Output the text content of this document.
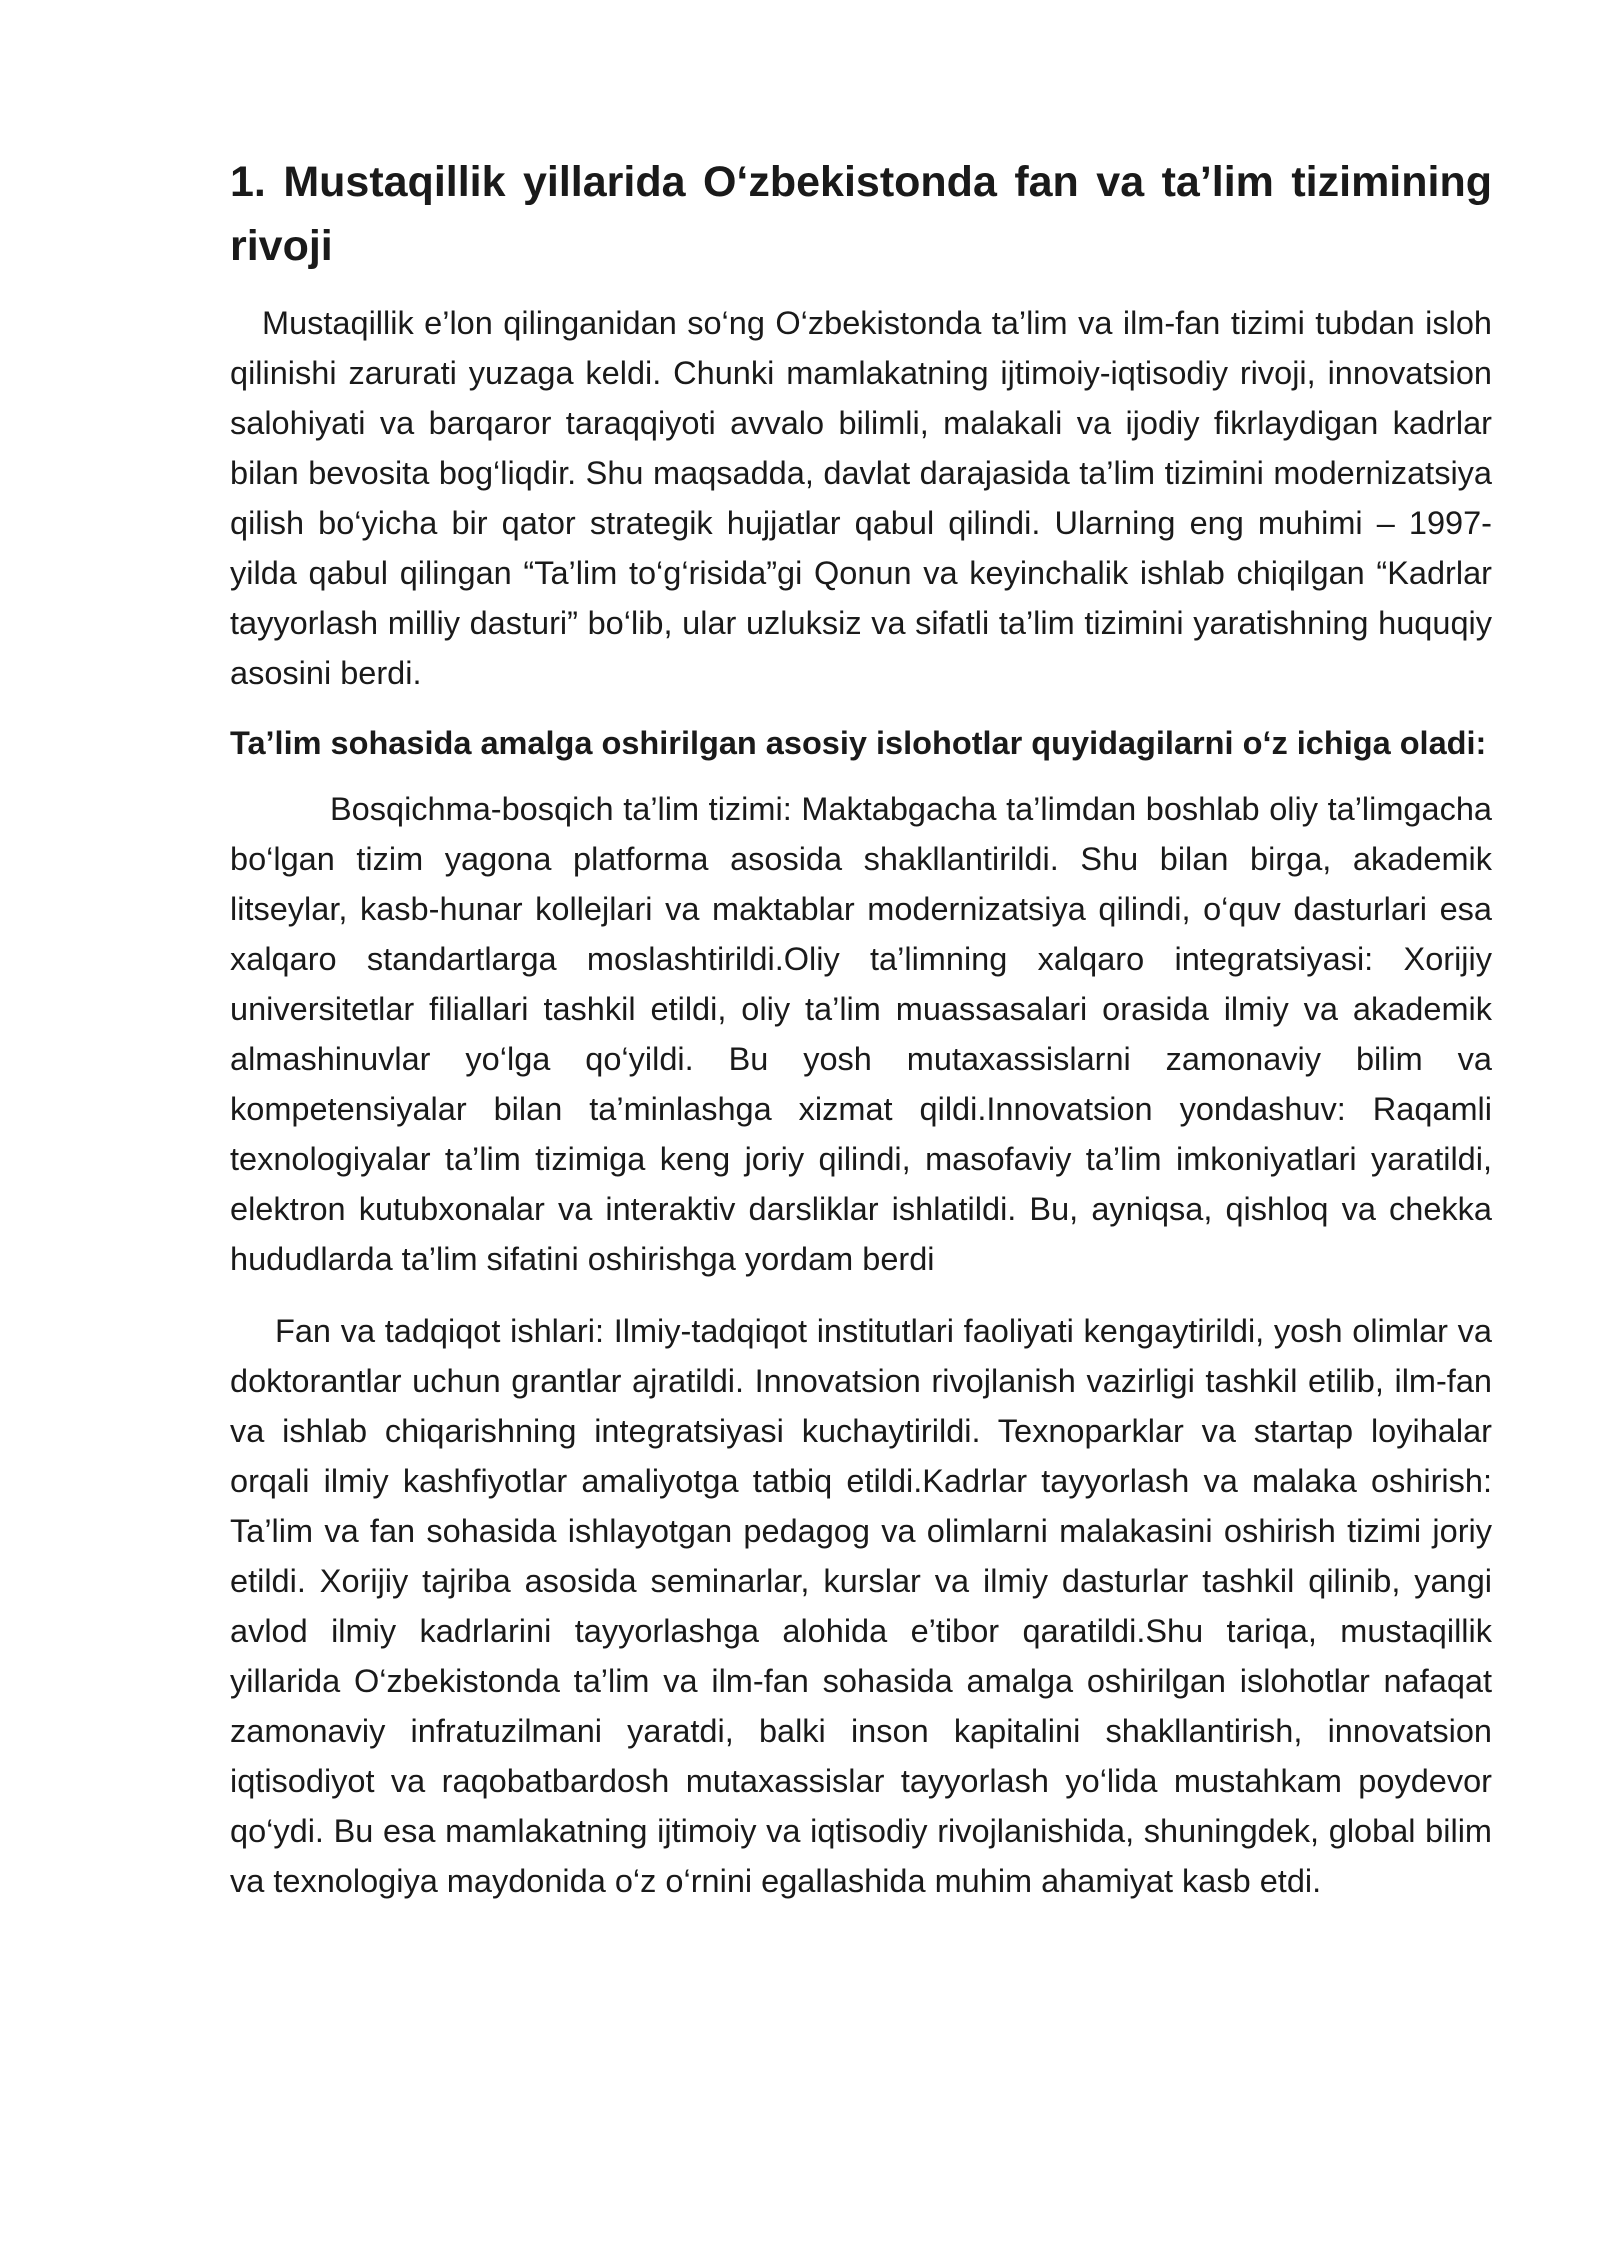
1. Mustaqillik yillarida O‘zbekistonda fan va ta’lim tizimining rivoji

Mustaqillik e’lon qilinganidan so‘ng O‘zbekistonda ta’lim va ilm-fan tizimi tubdan isloh qilinishi zarurati yuzaga keldi. Chunki mamlakatning ijtimoiy-iqtisodiy rivoji, innovatsion salohiyati va barqaror taraqqiyoti avvalo bilimli, malakali va ijodiy fikrlaydigan kadrlar bilan bevosita bog‘liqdir. Shu maqsadda, davlat darajasida ta’lim tizimini modernizatsiya qilish bo‘yicha bir qator strategik hujjatlar qabul qilindi. Ularning eng muhimi – 1997-yilda qabul qilingan “Ta’lim to‘g‘risida”gi Qonun va keyinchalik ishlab chiqilgan “Kadrlar tayyorlash milliy dasturi” bo‘lib, ular uzluksiz va sifatli ta’lim tizimini yaratishning huquqiy asosini berdi.

Ta’lim sohasida amalga oshirilgan asosiy islohotlar quyidagilarni o‘z ichiga oladi:

Bosqichma-bosqich ta’lim tizimi: Maktabgacha ta’limdan boshlab oliy ta’limgacha bo‘lgan tizim yagona platforma asosida shakllantirildi. Shu bilan birga, akademik litseylar, kasb-hunar kollejlari va maktablar modernizatsiya qilindi, o‘quv dasturlari esa xalqaro standartlarga moslashtirildi.Oliy ta’limning xalqaro integratsiyasi: Xorijiy universitetlar filiallari tashkil etildi, oliy ta’lim muassasalari orasida ilmiy va akademik almashinuvlar yo‘lga qo‘yildi. Bu yosh mutaxassislarni zamonaviy bilim va kompetensiyalar bilan ta’minlashga xizmat qildi.Innovatsion yondashuv: Raqamli texnologiyalar ta’lim tizimiga keng joriy qilindi, masofaviy ta’lim imkoniyatlari yaratildi, elektron kutubxonalar va interaktiv darsliklar ishlatildi. Bu, ayniqsa, qishloq va chekka hududlarda ta’lim sifatini oshirishga yordam berdi

Fan va tadqiqot ishlari: Ilmiy-tadqiqot institutlari faoliyati kengaytirildi, yosh olimlar va doktorantlar uchun grantlar ajratildi. Innovatsion rivojlanish vazirligi tashkil etilib, ilm-fan va ishlab chiqarishning integratsiyasi kuchaytirildi. Texnoparklar va startap loyihalar orqali ilmiy kashfiyotlar amaliyotga tatbiq etildi.Kadrlar tayyorlash va malaka oshirish: Ta’lim va fan sohasida ishlayotgan pedagog va olimlarni malakasini oshirish tizimi joriy etildi. Xorijiy tajriba asosida seminarlar, kurslar va ilmiy dasturlar tashkil qilinib, yangi avlod ilmiy kadrlarini tayyorlashga alohida e’tibor qaratildi.Shu tariqa, mustaqillik yillarida O‘zbekistonda ta’lim va ilm-fan sohasida amalga oshirilgan islohotlar nafaqat zamonaviy infratuzilmani yaratdi, balki inson kapitalini shakllantirish, innovatsion iqtisodiyot va raqobatbardosh mutaxassislar tayyorlash yo‘lida mustahkam poydevor qo‘ydi. Bu esa mamlakatning ijtimoiy va iqtisodiy rivojlanishida, shuningdek, global bilim va texnologiya maydonida o‘z o‘rnini egallashida muhim ahamiyat kasb etdi.
